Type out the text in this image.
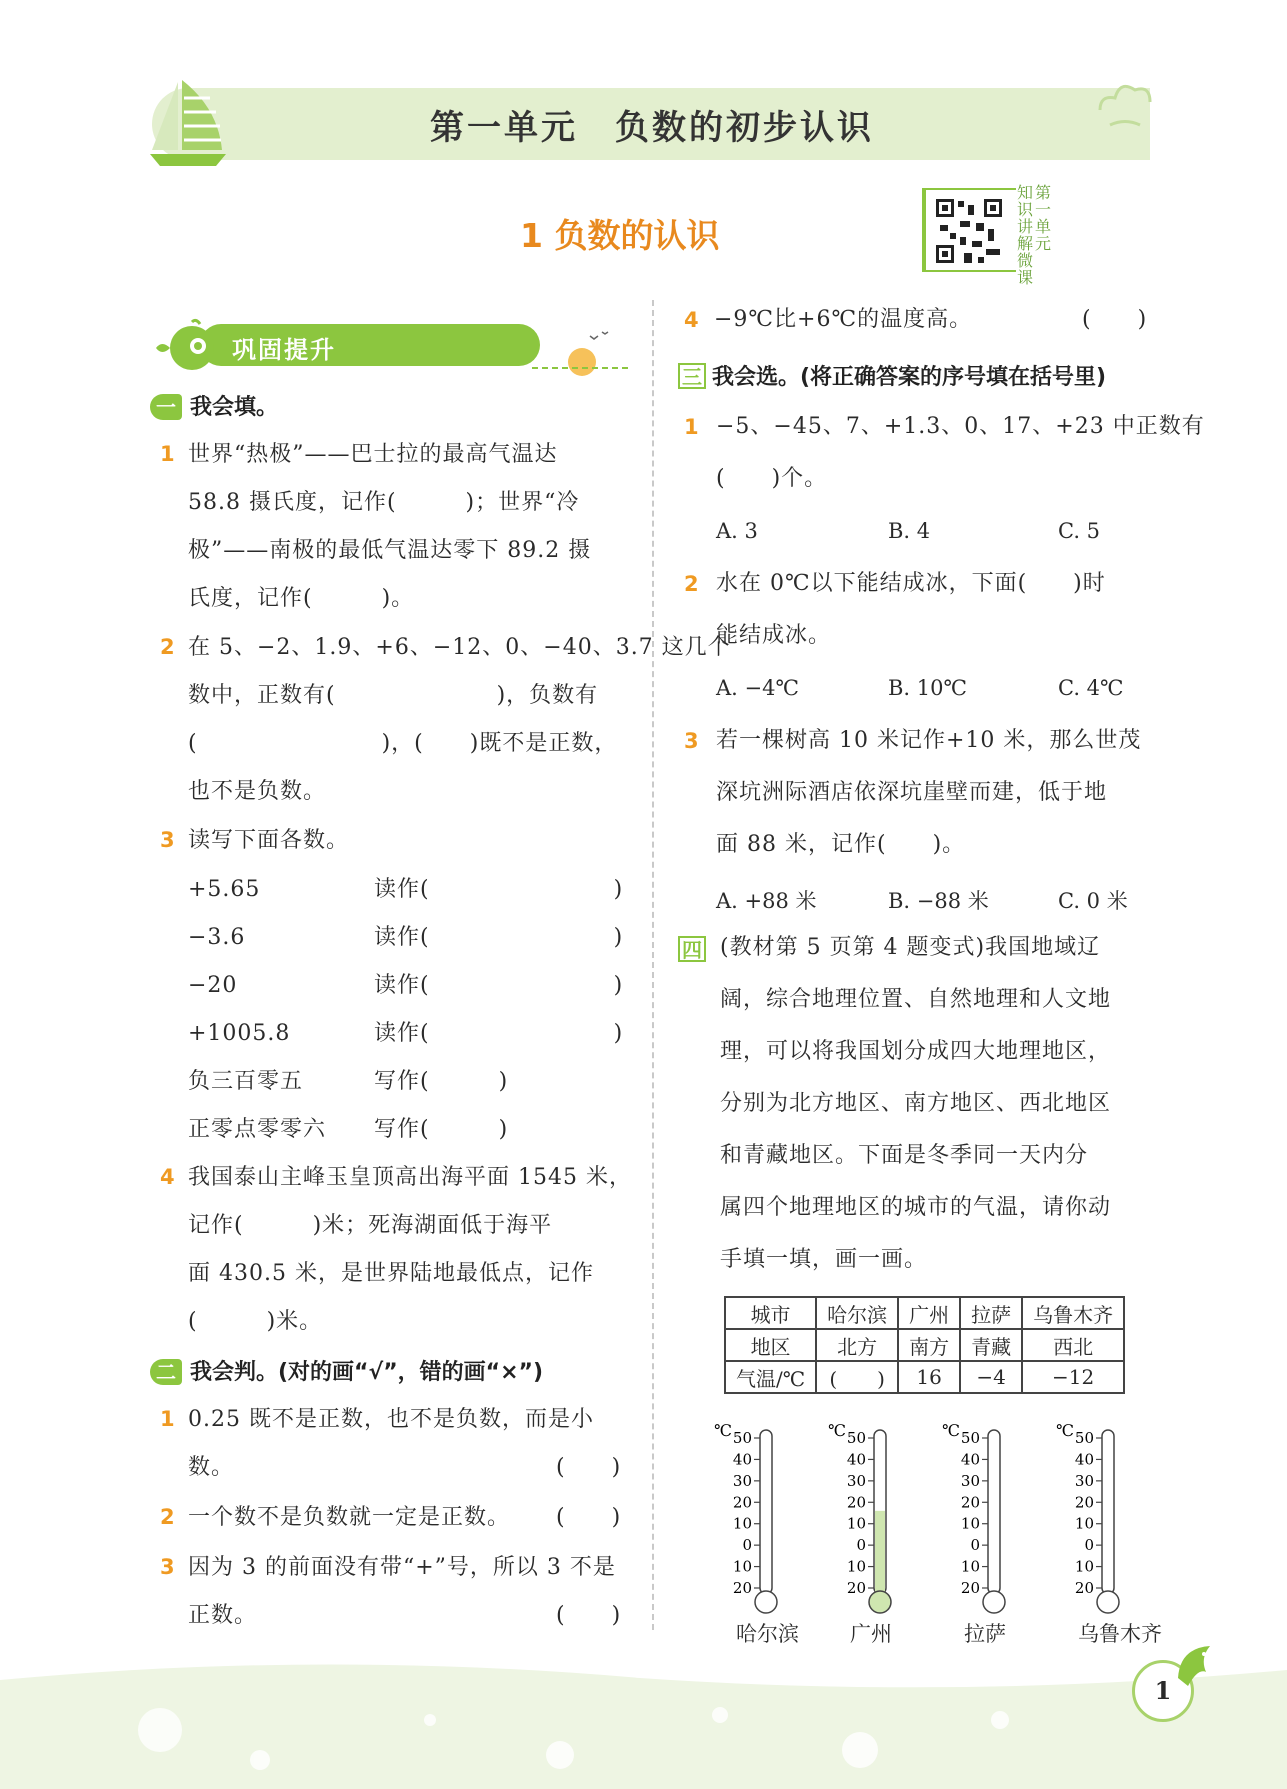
第一单元　负数的初步认识
1 负数的认识
知识讲解微课
第一单元
巩固提升
一 我会填。
1 世界“热极”——巴士拉的最高气温达
58.8 摄氏度，记作(　　　)；世界“冷
极”——南极的最低气温达零下 89.2 摄
氏度，记作(　　　)。
2 在 5、−2、1.9、+6、−12、0、−40、3.7 这几个
数中，正数有(　　　　　　　)，负数有
(　　　　　　　　)，(　　)既不是正数，
也不是负数。
3 读写下面各数。
+5.65	读作(　　　　　　　　)
−3.6	读作(　　　　　　　　)
−20	读作(　　　　　　　　)
+1005.8	读作(　　　　　　　　)
负三百零五	写作(　　　)
正零点零零六 写作(　　　)
4 我国泰山主峰玉皇顶高出海平面 1545 米，
记作(　　　)米；死海湖面低于海平
面 430.5 米，是世界陆地最低点，记作
(　　　)米。
二 我会判。(对的画“√”，错的画“×”)
1 0.25 既不是正数，也不是负数，而是小
数。	(　　)
2 一个数不是负数就一定是正数。 (　　)
3 因为 3 的前面没有带“+”号，所以 3 不是
正数。	(　　)
4 −9℃比+6℃的温度高。	(　　)
三 我会选。(将正确答案的序号填在括号里)
1 −5、−45、7、+1.3、0、17、+23 中正数有
(　　)个。
A. 3	B. 4	C. 5
2 水在 0℃以下能结成冰，下面(　　)时
能结成冰。
A. −4℃	B. 10℃	C. 4℃
3 若一棵树高 10 米记作+10 米，那么世茂
深坑洲际酒店依深坑崖壁而建，低于地
面 88 米，记作(　　)。
A. +88 米	B. −88 米	C. 0 米
四 (教材第 5 页第 4 题变式)我国地域辽
阔，综合地理位置、自然地理和人文地
理，可以将我国划分成四大地理地区，
分别为北方地区、南方地区、西北地区
和青藏地区。下面是冬季同一天内分
属四个地理地区的城市的气温，请你动
手填一填，画一画。
城市	哈尔滨	广州	拉萨	乌鲁木齐
地区	北方	南方	青藏	西北
气温/℃	(　　)	16	−4	−12
℃ 50
40
30
20
10
0
10
20
哈尔滨
℃ 50
40
30
20
10
0
10
20
广州
℃ 50
40
30
20
10
0
10
20
拉萨
℃ 50
40
30
20
10
0
10
20
乌鲁木齐
1
